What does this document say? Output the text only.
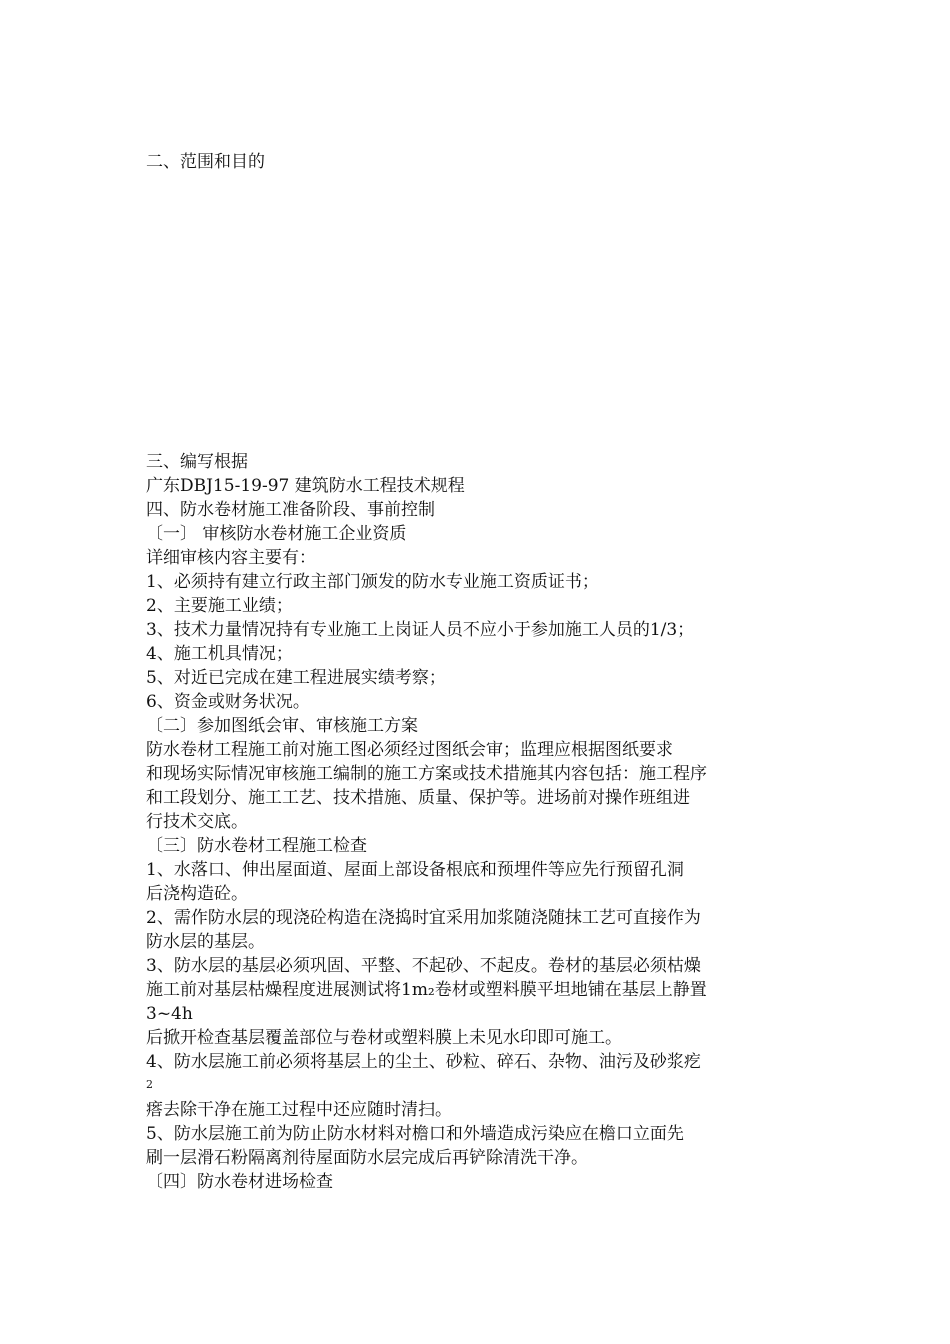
二、范围和目的
三、编写根据
广东DBJ15-19-97 建筑防水工程技术规程
四、防水卷材施工准备阶段、事前控制
〔一〕 审核防水卷材施工企业资质
详细审核内容主要有：
1、必须持有建立行政主部门颁发的防水专业施工资质证书；
2、主要施工业绩；
3、技术力量情况持有专业施工上岗证人员不应小于参加施工人员的1/3；
4、施工机具情况；
5、对近已完成在建工程进展实绩考察；
6、资金或财务状况。
〔二〕参加图纸会审、审核施工方案
防水卷材工程施工前对施工图必须经过图纸会审；监理应根据图纸要求
和现场实际情况审核施工编制的施工方案或技术措施其内容包括：施工程序
和工段划分、施工工艺、技术措施、质量、保护等。进场前对操作班组进
行技术交底。
〔三〕防水卷材工程施工检查
1、水落口、伸出屋面道、屋面上部设备根底和预埋件等应先行预留孔洞
后浇构造砼。
2、需作防水层的现浇砼构造在浇捣时宜采用加浆随浇随抹工艺可直接作为
防水层的基层。
3、防水层的基层必须巩固、平整、不起砂、不起皮。卷材的基层必须枯燥
施工前对基层枯燥程度进展测试将1m₂卷材或塑料膜平坦地铺在基层上静置
3~4h
后掀开检查基层覆盖部位与卷材或塑料膜上未见水印即可施工。
4、防水层施工前必须将基层上的尘土、砂粒、碎石、杂物、油污及砂浆疙
2
瘩去除干净在施工过程中还应随时清扫。
5、防水层施工前为防止防水材料对檐口和外墙造成污染应在檐口立面先
刷一层滑石粉隔离剂待屋面防水层完成后再铲除清洗干净。
〔四〕防水卷材进场检查
